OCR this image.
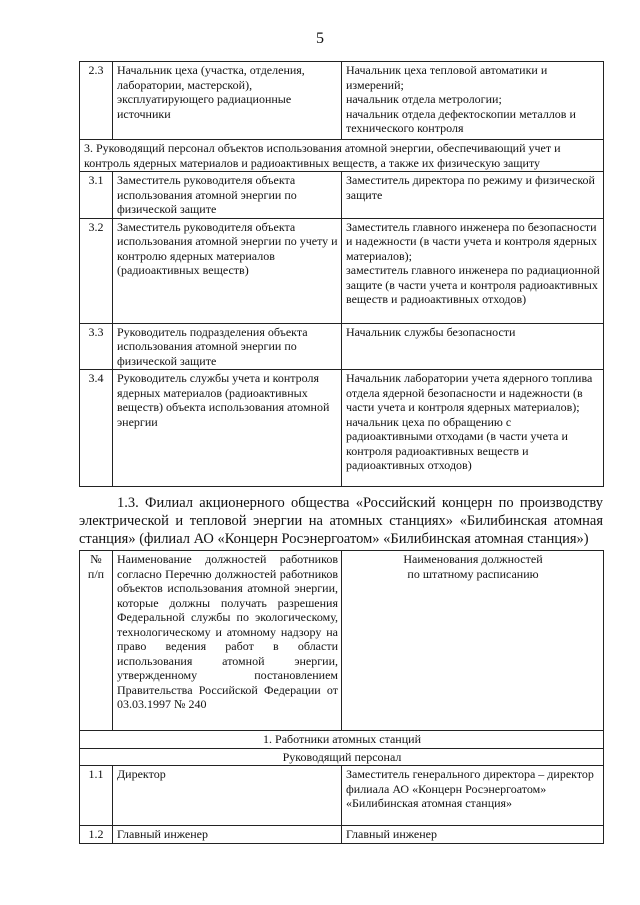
5
2.3	Начальник цеха (участка, отделения, лаборатории, мастерской), эксплуатирующего радиационные источники	Начальник цеха тепловой автоматики и измерений;
начальник отдела метрологии;
начальник отдела дефектоскопии металлов и технического контроля
3. Руководящий персонал объектов использования атомной энергии, обеспечивающий учет и контроль ядерных материалов и радиоактивных веществ, а также их физическую защиту		
3.1	Заместитель руководителя объекта использования атомной энергии по физической защите	Заместитель директора по режиму и физической защите
3.2	Заместитель руководителя объекта использования атомной энергии по учету и контролю ядерных материалов (радиоактивных веществ)	Заместитель главного инженера по безопасности и надежности (в части учета и контроля ядерных материалов);
заместитель главного инженера по радиационной защите (в части учета и контроля радиоактивных веществ и радиоактивных отходов)
3.3	Руководитель подразделения объекта использования атомной энергии по физической защите	Начальник службы безопасности
3.4	Руководитель службы учета и контроля ядерных материалов (радиоактивных веществ) объекта использования атомной энергии	Начальник лаборатории учета ядерного топлива отдела ядерной безопасности и надежности (в части учета и контроля ядерных материалов);
начальник цеха по обращению с радиоактивными отходами (в части учета и контроля радиоактивных веществ и радиоактивных отходов)
1.3. Филиал акционерного общества «Российский концерн по производству электрической и тепловой энергии на атомных станциях» «Билибинская атомная станция» (филиал АО «Концерн Росэнергоатом» «Билибинская атомная станция»)
№
п/п	Наименование должностей работников согласно Перечню должностей работников объектов использования атомной энергии, которые должны получать разрешения Федеральной службы по экологическому, технологическому и атомному надзору на право ведения работ в области использования атомной энергии, утвержденному постановлением Правительства Российской Федерации от 03.03.1997 № 240	Наименования должностей
по штатному расписанию
1. Работники атомных станций		
Руководящий персонал		
1.1	Директор	Заместитель генерального директора – директор филиала АО «Концерн Росэнергоатом» «Билибинская атомная станция»
1.2	Главный инженер	Главный инженер
